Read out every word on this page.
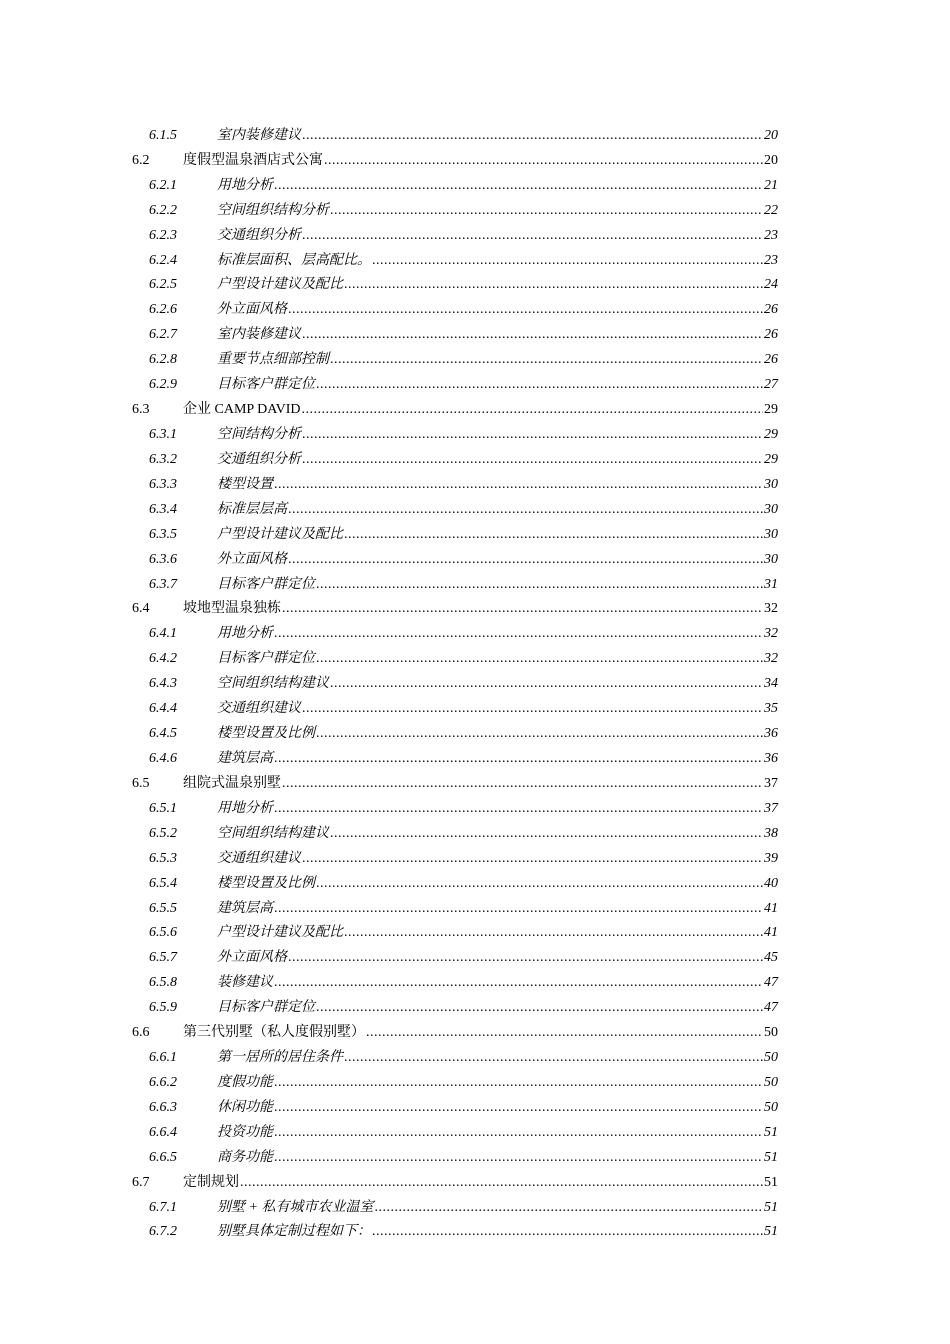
6.1.5	室内装修建议 .....	20
6.2	度假型温泉酒店式公寓 .....	20
6.2.1	用地分析 .....	21
6.2.2	空间组织结构分析 .....	22
6.2.3	交通组织分析 .....	23
6.2.4	标准层面积、层高配比。 .....	23
6.2.5	户型设计建议及配比 .....	24
6.2.6	外立面风格 .....	26
6.2.7	室内装修建议 .....	26
6.2.8	重要节点细部控制 .....	26
6.2.9	目标客户群定位 .....	27
6.3	企业 CAMP DAVID .....	29
6.3.1	空间结构分析 .....	29
6.3.2	交通组织分析 .....	29
6.3.3	楼型设置 .....	30
6.3.4	标准层层高 .....	30
6.3.5	户型设计建议及配比 .....	30
6.3.6	外立面风格 .....	30
6.3.7	目标客户群定位 .....	31
6.4	坡地型温泉独栋 .....	32
6.4.1	用地分析 .....	32
6.4.2	目标客户群定位 .....	32
6.4.3	空间组织结构建议 .....	34
6.4.4	交通组织建议 .....	35
6.4.5	楼型设置及比例 .....	36
6.4.6	建筑层高 .....	36
6.5	组院式温泉别墅 .....	37
6.5.1	用地分析 .....	37
6.5.2	空间组织结构建议 .....	38
6.5.3	交通组织建议 .....	39
6.5.4	楼型设置及比例 .....	40
6.5.5	建筑层高 .....	41
6.5.6	户型设计建议及配比 .....	41
6.5.7	外立面风格 .....	45
6.5.8	装修建议 .....	47
6.5.9	目标客户群定位 .....	47
6.6	第三代别墅（私人度假别墅） .....	50
6.6.1	第一居所的居住条件 .....	50
6.6.2	度假功能 .....	50
6.6.3	休闲功能 .....	50
6.6.4	投资功能 .....	51
6.6.5	商务功能 .....	51
6.7	定制规划 .....	51
6.7.1	别墅 + 私有城市农业温室 .....	51
6.7.2	别墅具体定制过程如下： .....	51
